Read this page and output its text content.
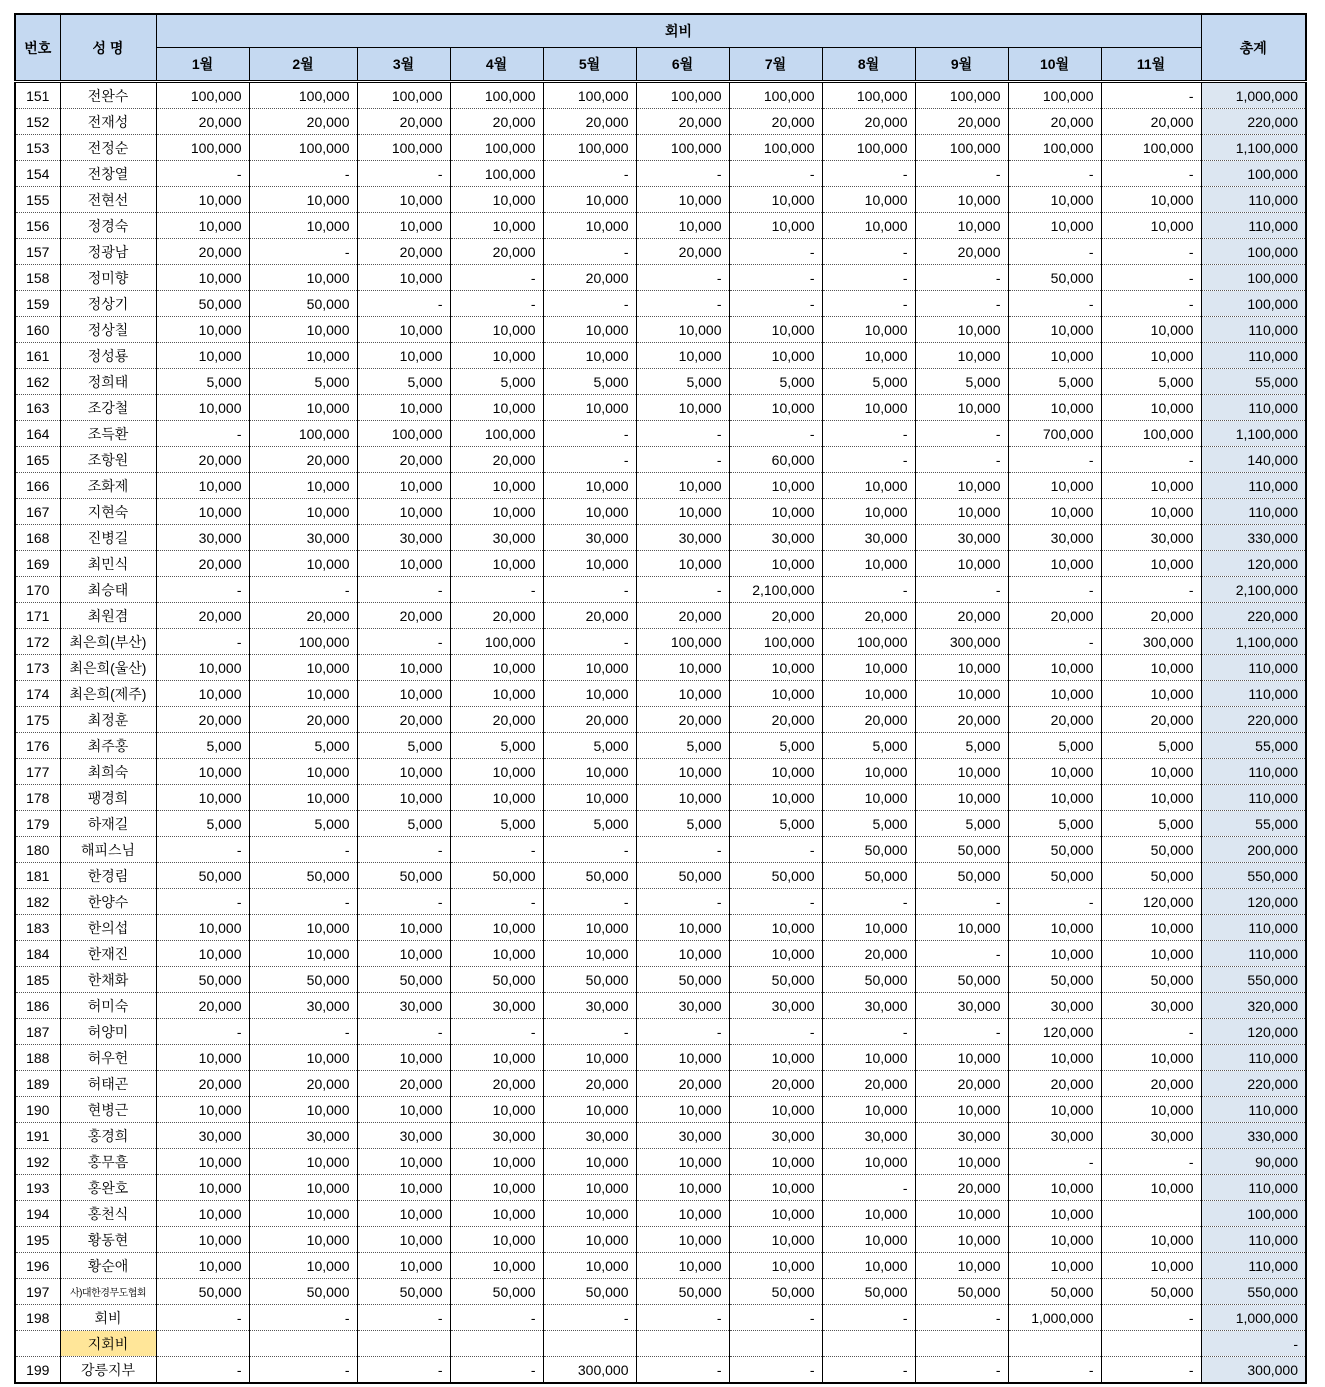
번호	성 명	회비											총계
		1월	2월	3월	4월	5월	6월	7월	8월	9월	10월	11월	
151	전완수	100,000	100,000	100,000	100,000	100,000	100,000	100,000	100,000	100,000	100,000	-	1,000,000
152	전재성	20,000	20,000	20,000	20,000	20,000	20,000	20,000	20,000	20,000	20,000	20,000	220,000
153	전정순	100,000	100,000	100,000	100,000	100,000	100,000	100,000	100,000	100,000	100,000	100,000	1,100,000
154	전창열	-	-	-	100,000	-	-	-	-	-	-	-	100,000
155	전현선	10,000	10,000	10,000	10,000	10,000	10,000	10,000	10,000	10,000	10,000	10,000	110,000
156	정경숙	10,000	10,000	10,000	10,000	10,000	10,000	10,000	10,000	10,000	10,000	10,000	110,000
157	정광남	20,000	-	20,000	20,000	-	20,000	-	-	20,000	-	-	100,000
158	정미향	10,000	10,000	10,000	-	20,000	-	-	-	-	50,000	-	100,000
159	정상기	50,000	50,000	-	-	-	-	-	-	-	-	-	100,000
160	정상칠	10,000	10,000	10,000	10,000	10,000	10,000	10,000	10,000	10,000	10,000	10,000	110,000
161	정성룡	10,000	10,000	10,000	10,000	10,000	10,000	10,000	10,000	10,000	10,000	10,000	110,000
162	정희태	5,000	5,000	5,000	5,000	5,000	5,000	5,000	5,000	5,000	5,000	5,000	55,000
163	조강철	10,000	10,000	10,000	10,000	10,000	10,000	10,000	10,000	10,000	10,000	10,000	110,000
164	조득환	-	100,000	100,000	100,000	-	-	-	-	-	700,000	100,000	1,100,000
165	조항원	20,000	20,000	20,000	20,000	-	-	60,000	-	-	-	-	140,000
166	조화제	10,000	10,000	10,000	10,000	10,000	10,000	10,000	10,000	10,000	10,000	10,000	110,000
167	지현숙	10,000	10,000	10,000	10,000	10,000	10,000	10,000	10,000	10,000	10,000	10,000	110,000
168	진병길	30,000	30,000	30,000	30,000	30,000	30,000	30,000	30,000	30,000	30,000	30,000	330,000
169	최민식	20,000	10,000	10,000	10,000	10,000	10,000	10,000	10,000	10,000	10,000	10,000	120,000
170	최승태	-	-	-	-	-	-	2,100,000	-	-	-	-	2,100,000
171	최원겸	20,000	20,000	20,000	20,000	20,000	20,000	20,000	20,000	20,000	20,000	20,000	220,000
172	최은희(부산)	-	100,000	-	100,000	-	100,000	100,000	100,000	300,000	-	300,000	1,100,000
173	최은희(울산)	10,000	10,000	10,000	10,000	10,000	10,000	10,000	10,000	10,000	10,000	10,000	110,000
174	최은희(제주)	10,000	10,000	10,000	10,000	10,000	10,000	10,000	10,000	10,000	10,000	10,000	110,000
175	최정훈	20,000	20,000	20,000	20,000	20,000	20,000	20,000	20,000	20,000	20,000	20,000	220,000
176	최주홍	5,000	5,000	5,000	5,000	5,000	5,000	5,000	5,000	5,000	5,000	5,000	55,000
177	최희숙	10,000	10,000	10,000	10,000	10,000	10,000	10,000	10,000	10,000	10,000	10,000	110,000
178	팽경희	10,000	10,000	10,000	10,000	10,000	10,000	10,000	10,000	10,000	10,000	10,000	110,000
179	하재길	5,000	5,000	5,000	5,000	5,000	5,000	5,000	5,000	5,000	5,000	5,000	55,000
180	해피스님	-	-	-	-	-	-	-	50,000	50,000	50,000	50,000	200,000
181	한경림	50,000	50,000	50,000	50,000	50,000	50,000	50,000	50,000	50,000	50,000	50,000	550,000
182	한양수	-	-	-	-	-	-	-	-	-	-	120,000	120,000
183	한의섭	10,000	10,000	10,000	10,000	10,000	10,000	10,000	10,000	10,000	10,000	10,000	110,000
184	한재진	10,000	10,000	10,000	10,000	10,000	10,000	10,000	20,000	-	10,000	10,000	110,000
185	한채화	50,000	50,000	50,000	50,000	50,000	50,000	50,000	50,000	50,000	50,000	50,000	550,000
186	허미숙	20,000	30,000	30,000	30,000	30,000	30,000	30,000	30,000	30,000	30,000	30,000	320,000
187	허양미	-	-	-	-	-	-	-	-	-	120,000	-	120,000
188	허우헌	10,000	10,000	10,000	10,000	10,000	10,000	10,000	10,000	10,000	10,000	10,000	110,000
189	허태곤	20,000	20,000	20,000	20,000	20,000	20,000	20,000	20,000	20,000	20,000	20,000	220,000
190	현병근	10,000	10,000	10,000	10,000	10,000	10,000	10,000	10,000	10,000	10,000	10,000	110,000
191	홍경희	30,000	30,000	30,000	30,000	30,000	30,000	30,000	30,000	30,000	30,000	30,000	330,000
192	홍무흠	10,000	10,000	10,000	10,000	10,000	10,000	10,000	10,000	10,000	-	-	90,000
193	홍완호	10,000	10,000	10,000	10,000	10,000	10,000	10,000	-	20,000	10,000	10,000	110,000
194	홍천식	10,000	10,000	10,000	10,000	10,000	10,000	10,000	10,000	10,000	10,000		100,000
195	황동현	10,000	10,000	10,000	10,000	10,000	10,000	10,000	10,000	10,000	10,000	10,000	110,000
196	황순애	10,000	10,000	10,000	10,000	10,000	10,000	10,000	10,000	10,000	10,000	10,000	110,000
197	사)대한경무도협회	50,000	50,000	50,000	50,000	50,000	50,000	50,000	50,000	50,000	50,000	50,000	550,000
198	회비	-	-	-	-	-	-	-	-	-	1,000,000	-	1,000,000
	지회비												-
199	강릉지부	-	-	-	-	300,000	-	-	-	-	-	-	300,000
